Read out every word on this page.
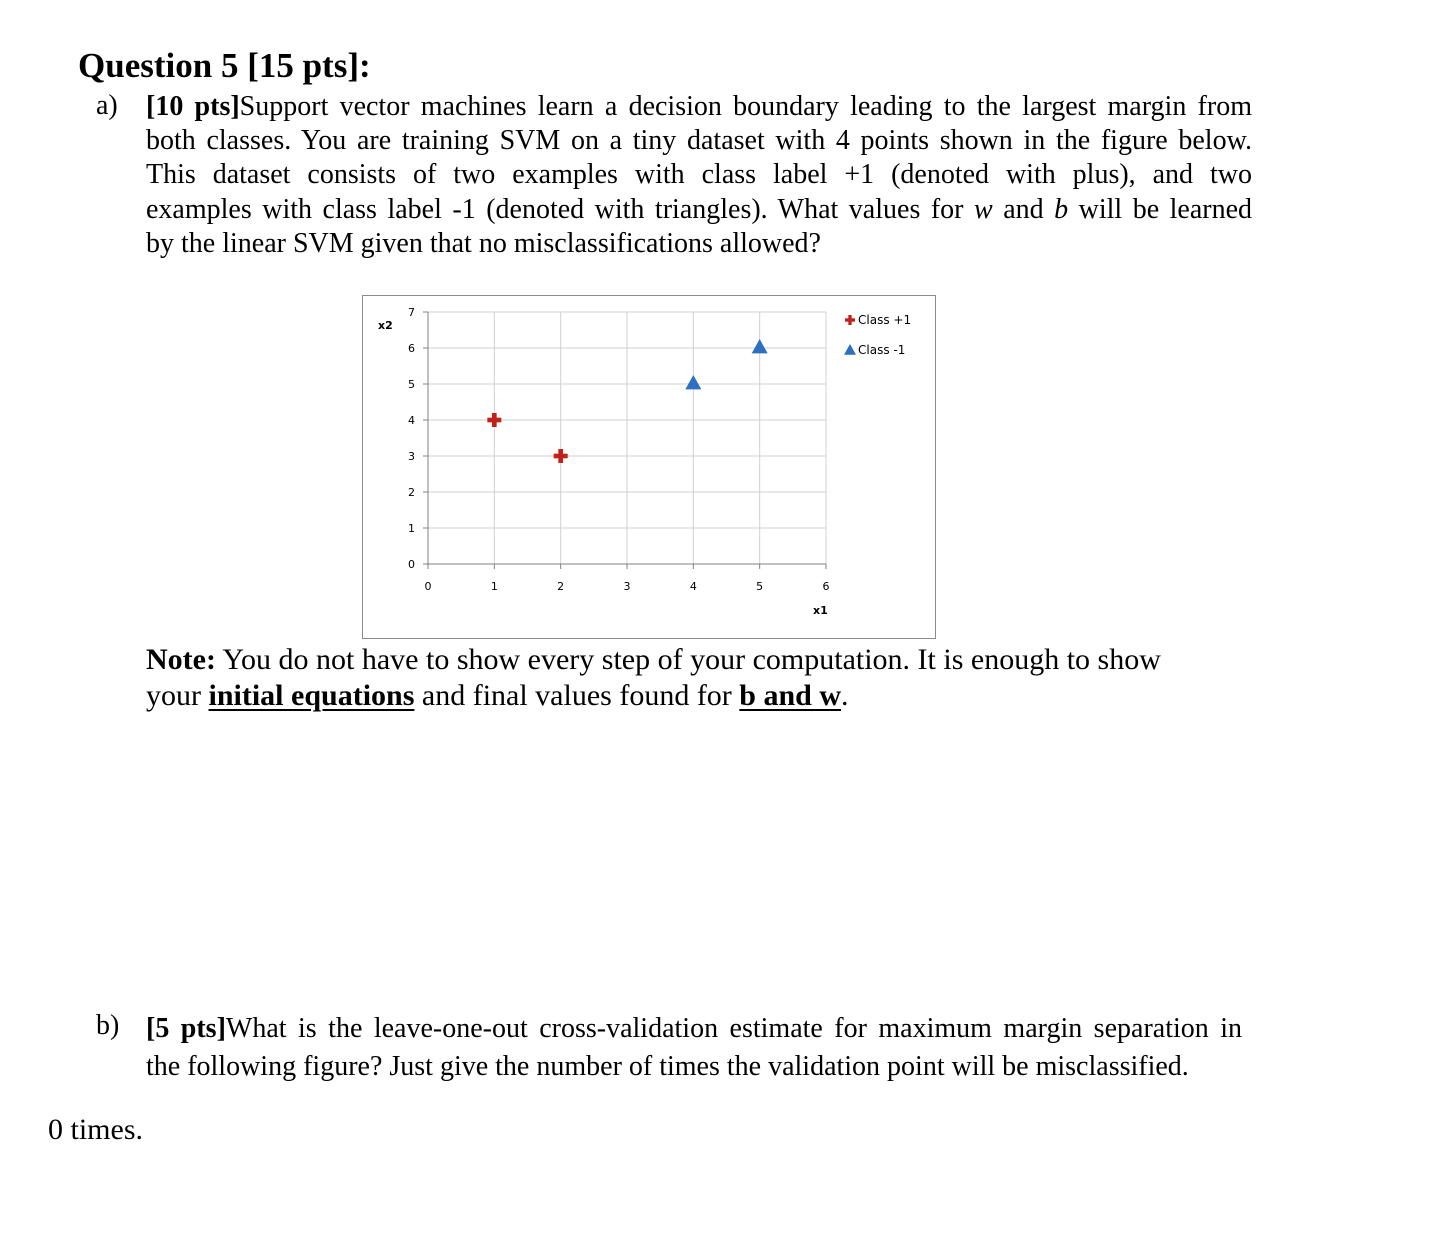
Question 5 [15 pts]:
a) [10 pts]Support vector machines learn a decision boundary leading to the largest margin from
both classes. You are training SVM on a tiny dataset with 4 points shown in the figure below.
This dataset consists of two examples with class label +1 (denoted with plus), and two
examples with class label -1 (denoted with triangles). What values for w and b will be learned
by the linear SVM given that no misclassifications allowed?
0
1
2
3
4
5
6
7
0	1	2	3	4	5	6
x2
x1
Class +1
Class -1
Note: You do not have to show every step of your computation. It is enough to show
your initial equations and final values found for b and w.
b) [5 pts]What is the leave-one-out cross-validation estimate for maximum margin separation in
the following figure? Just give the number of times the validation point will be misclassified.
0 times.
